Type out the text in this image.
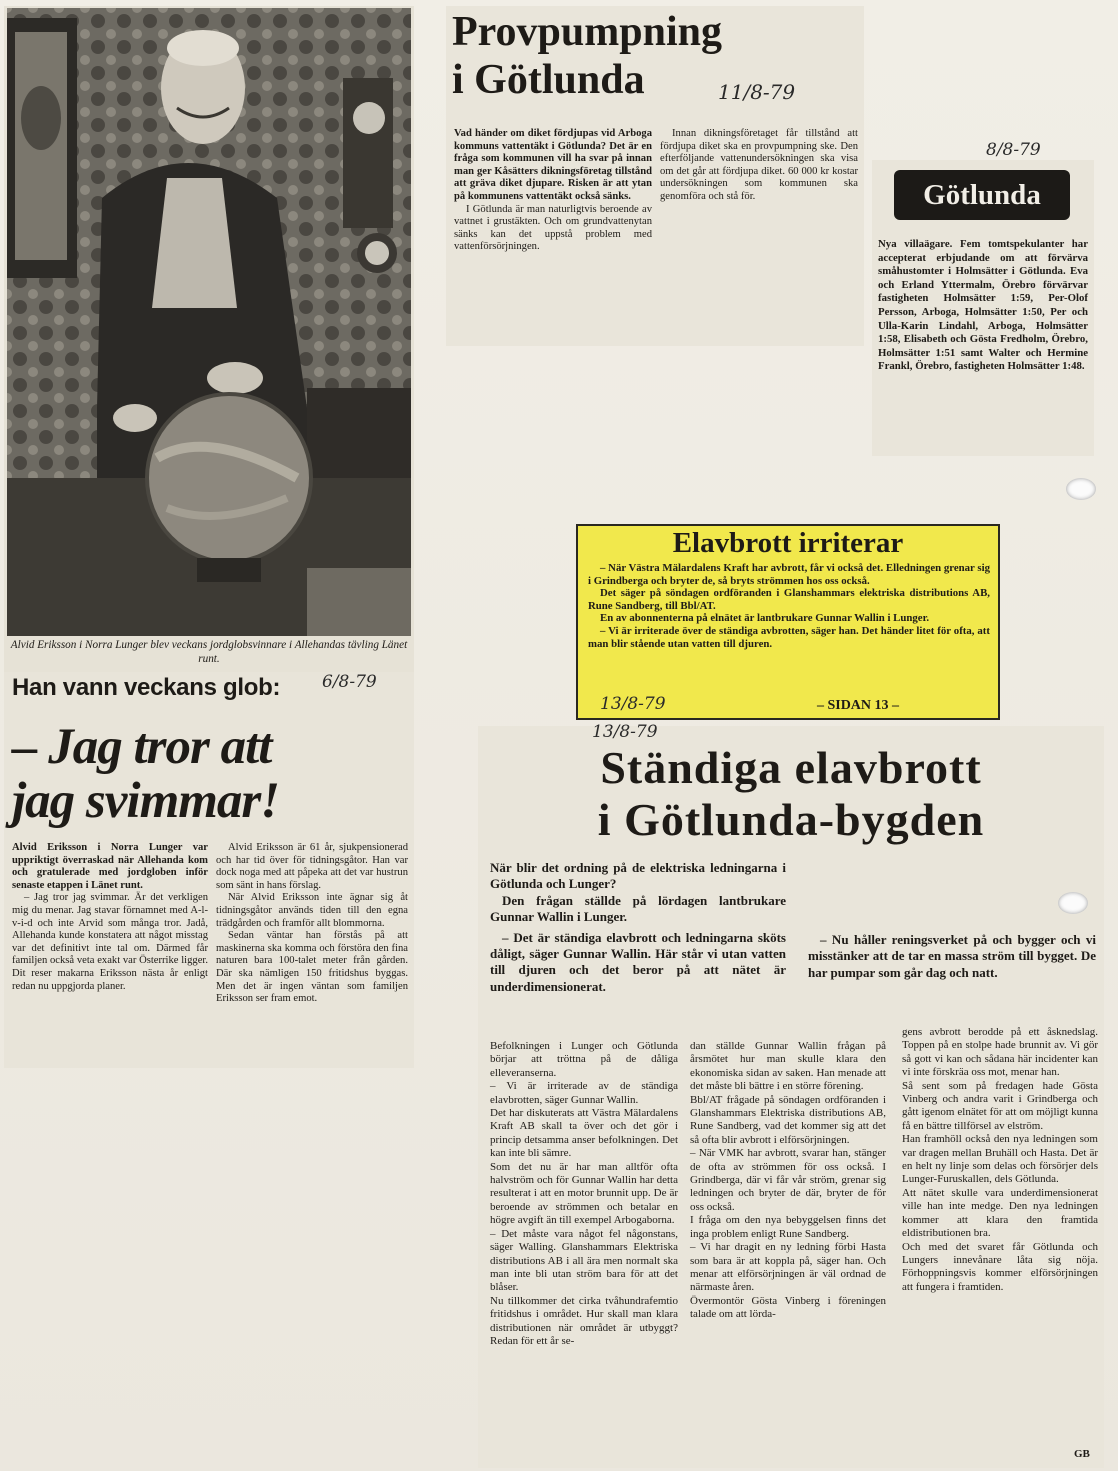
Alvid Eriksson i Norra Lunger blev veckans jordglobsvinnare i Allehandas tävling Länet runt.
Han vann veckans glob:
– Jag tror att
jag svimmar!

Alvid Eriksson i Norra Lunger var uppriktigt överraskad när Allehanda kom och gratulerade med jordgloben inför senaste etappen i Länet runt.

– Jag tror jag svimmar. Är det verkligen mig du menar. Jag stavar förnamnet med A-l-v-i-d och inte Arvid som många tror. Jadå, Allehanda kunde konstatera att något misstag var det definitivt inte tal om. Därmed får familjen också veta exakt var Österrike ligger. Dit reser makarna Eriksson nästa år enligt redan nu uppgjorda planer.

Alvid Eriksson är 61 år, sjukpensionerad och har tid över för tidningsgåtor. Han var dock noga med att påpeka att det var hustrun som sänt in hans förslag.

När Alvid Eriksson inte ägnar sig åt tidningsgåtor används tiden till den egna trädgården och framför allt blommorna.

Sedan väntar han förstås på att maskinerna ska komma och förstöra den fina naturen bara 100-talet meter från gården. Där ska nämligen 150 fritidshus byggas. Men det är ingen väntan som familjen Eriksson ser fram emot.

6/8-79
Provpumpning
i Götlunda

Vad händer om diket fördjupas vid Arboga kommuns vattentäkt i Götlunda? Det är en fråga som kommunen vill ha svar på innan man ger Kåsätters dikningsföretag tillstånd att gräva diket djupare. Risken är att ytan på kommunens vattentäkt också sänks.

I Götlunda är man naturligtvis beroende av vattnet i grustäkten. Och om grundvattenytan sänks kan det uppstå problem med vattenförsörjningen.

Innan dikningsföretaget får tillstånd att fördjupa diket ska en provpumpning ske. Den efterföljande vattenundersökningen ska visa om det går att fördjupa diket. 60 000 kr kostar undersökningen som kommunen ska genomföra och stå för.

11/8-79
Götlunda
Nya villaägare. Fem tomtspekulanter har accepterat erbjudande om att förvärva småhustomter i Holmsätter i Götlunda. Eva och Erland Yttermalm, Örebro förvärvar fastigheten Holmsätter 1:59, Per-Olof Persson, Arboga, Holmsätter 1:50, Per och Ulla-Karin Lindahl, Arboga, Holmsätter 1:58, Elisabeth och Gösta Fredholm, Örebro, Holmsätter 1:51 samt Walter och Hermine Frankl, Örebro, fastigheten Holmsätter 1:48.
8/8-79
Elavbrott irriterar

– När Västra Mälardalens Kraft har avbrott, får vi också det. Elledningen grenar sig i Grindberga och bryter de, så bryts strömmen hos oss också.

Det säger på söndagen ordföranden i Glanshammars elektriska distributions AB, Rune Sandberg, till Bbl/AT.

En av abonnenterna på elnätet är lantbrukare Gunnar Wallin i Lunger.

– Vi är irriterade över de ständiga avbrotten, säger han. Det händer litet för ofta, att man blir stående utan vatten till djuren.

– SIDAN 13 –
13/8-79
Ständiga elavbrott
i Götlunda-bygden

När blir det ordning på de elektriska ledningarna i Götlunda och Lunger?

Den frågan ställde på lördagen lantbrukare Gunnar Wallin i Lunger.

– Det är ständiga elavbrott och ledningarna sköts dåligt, säger Gunnar Wallin. Här står vi utan vatten till djuren och det beror på att nätet är underdimensionerat.

– Nu håller reningsverket på och bygger och vi misstänker att de tar en massa ström till bygget. De har pumpar som går dag och natt.

Befolkningen i Lunger och Götlunda börjar att tröttna på de dåliga elleveranserna.
– Vi är irriterade av de ständiga elavbrotten, säger Gunnar Wallin.
Det har diskuterats att Västra Mälardalens Kraft AB skall ta över och det gör i princip detsamma anser befolkningen. Det kan inte bli sämre.
Som det nu är har man alltför ofta halvström och för Gunnar Wallin har detta resulterat i att en motor brunnit upp. De är beroende av strömmen och betalar en högre avgift än till exempel Arbogaborna.
– Det måste vara något fel någonstans, säger Walling. Glanshammars Elektriska distributions AB i all ära men normalt ska man inte bli utan ström bara för att det blåser.
Nu tillkommer det cirka tvåhundrafemtio fritidshus i området. Hur skall man klara distributionen när området är utbyggt? Redan för ett år se-
dan ställde Gunnar Wallin frågan på årsmötet hur man skulle klara den ekonomiska sidan av saken. Han menade att det måste bli bättre i en större förening.
Bbl/AT frågade på söndagen ordföranden i Glanshammars Elektriska distributions AB, Rune Sandberg, vad det kommer sig att det så ofta blir avbrott i elförsörjningen.
– När VMK har avbrott, svarar han, stänger de ofta av strömmen för oss också. I Grindberga, där vi får vår ström, grenar sig ledningen och bryter de där, bryter de för oss också.
I fråga om den nya bebyggelsen finns det inga problem enligt Rune Sandberg.
– Vi har dragit en ny ledning förbi Hasta som bara är att koppla på, säger han. Och menar att elförsörjningen är väl ordnad de närmaste åren.
Övermontör Gösta Vinberg i föreningen talade om att lörda-
gens avbrott berodde på ett åsknedslag. Toppen på en stolpe hade brunnit av. Vi gör så gott vi kan och sådana här incidenter kan vi inte förskräa oss mot, menar han.
Så sent som på fredagen hade Gösta Vinberg och andra varit i Grindberga och gått igenom elnätet för att om möjligt kunna få en bättre tillförsel av elström.
Han framhöll också den nya ledningen som var dragen mellan Bruhäll och Hasta. Det är en helt ny linje som delas och försörjer dels Lunger-Furuskallen, dels Götlunda.
Att nätet skulle vara underdimensionerat ville han inte medge. Den nya ledningen kommer att klara den framtida eldistributionen bra.
Och med det svaret får Götlunda och Lungers innevånare låta sig nöja. Förhoppningsvis kommer elförsörjningen att fungera i framtiden.
GB
13/8-79
